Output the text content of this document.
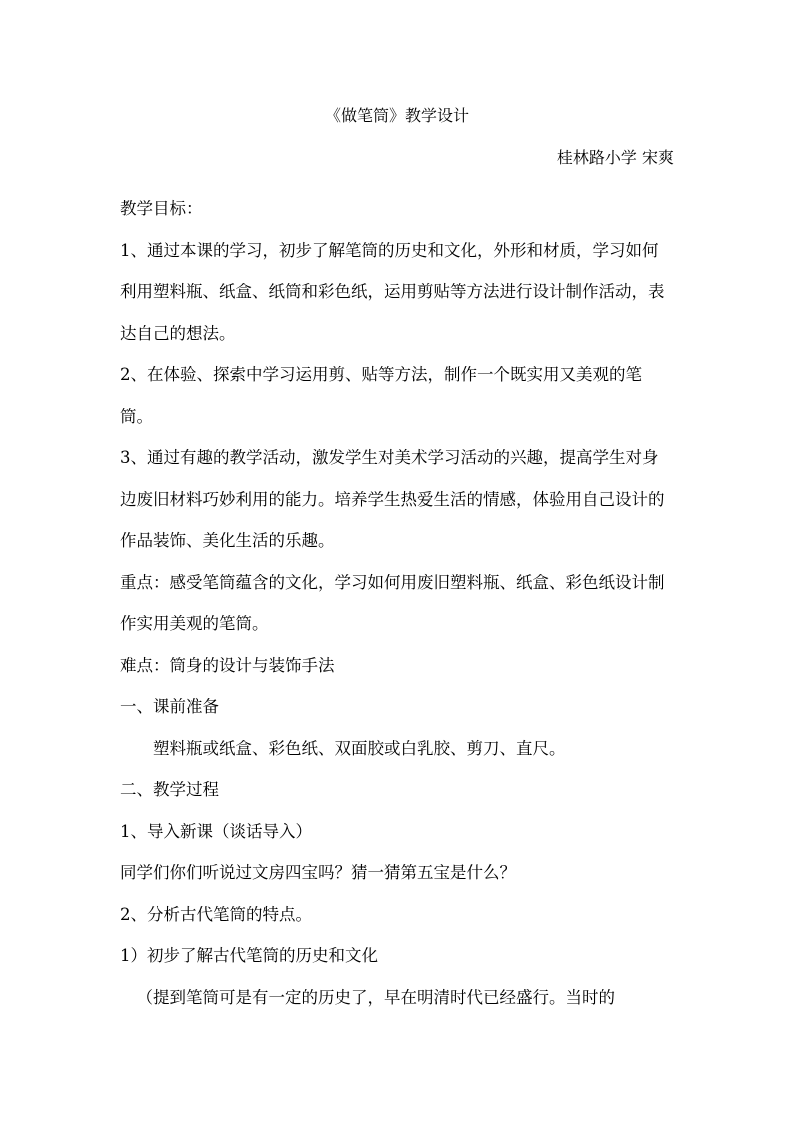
《做笔筒》教学设计
桂林路小学 宋爽

教学目标：

1、通过本课的学习，初步了解笔筒的历史和文化，外形和材质，学习如何利用塑料瓶、纸盒、纸筒和彩色纸，运用剪贴等方法进行设计制作活动，表达自己的想法。

2、在体验、探索中学习运用剪、贴等方法，制作一个既实用又美观的笔筒。

3、通过有趣的教学活动，激发学生对美术学习活动的兴趣，提高学生对身边废旧材料巧妙利用的能力。培养学生热爱生活的情感，体验用自己设计的作品装饰、美化生活的乐趣。

重点：感受笔筒蕴含的文化，学习如何用废旧塑料瓶、纸盒、彩色纸设计制作实用美观的笔筒。

难点：筒身的设计与装饰手法

一、课前准备

塑料瓶或纸盒、彩色纸、双面胶或白乳胶、剪刀、直尺。

二、教学过程

1、导入新课（谈话导入）

同学们你们听说过文房四宝吗？猜一猜第五宝是什么？

2、分析古代笔筒的特点。

1）初步了解古代笔筒的历史和文化

（提到笔筒可是有一定的历史了，早在明清时代已经盛行。当时的
